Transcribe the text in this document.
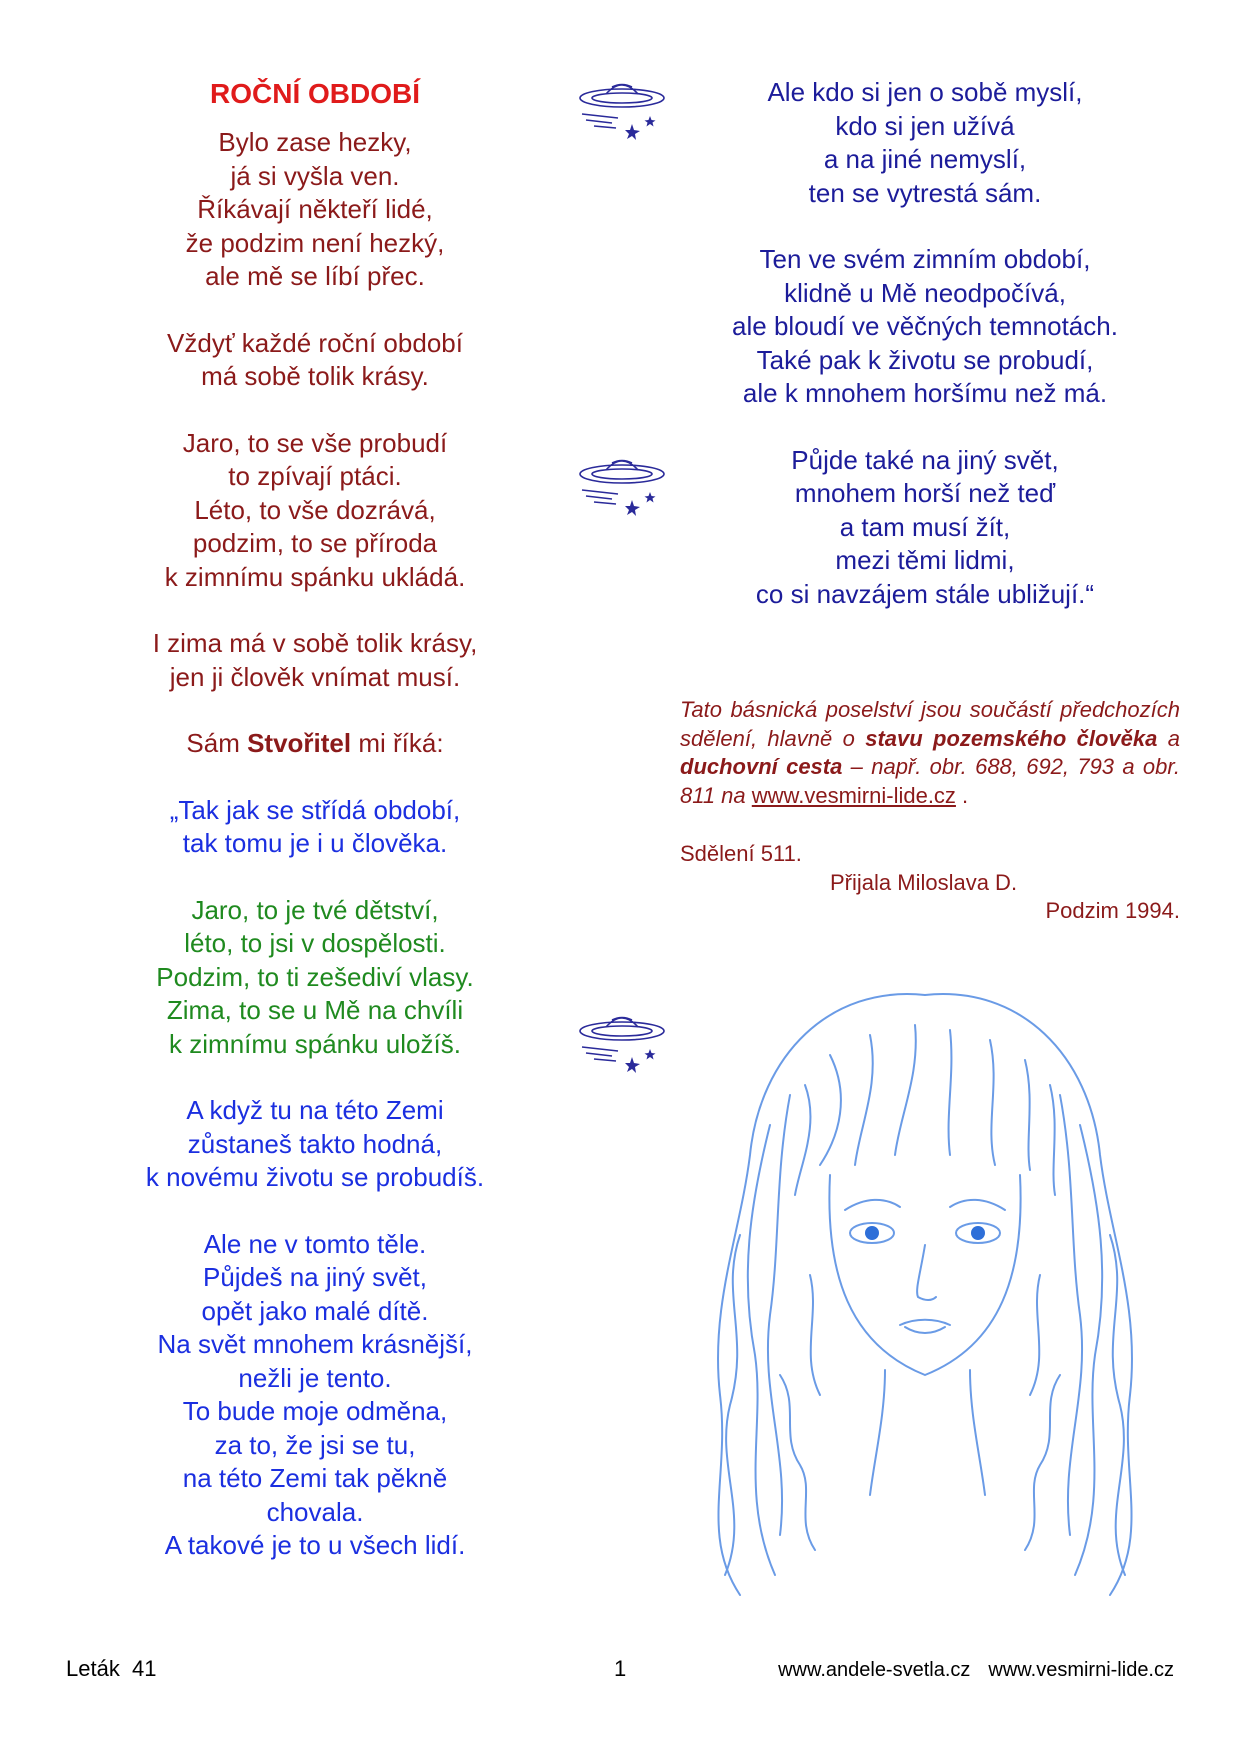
ROČNÍ OBDOBÍ
Bylo zase hezky,
já si vyšla ven.
Říkávají někteří lidé,
že podzim není hezký,
ale mě se líbí přec.
Vždyť každé roční období
má sobě tolik krásy.
Jaro, to se vše probudí
to zpívají ptáci.
Léto, to vše dozrává,
podzim, to se příroda
k zimnímu spánku ukládá.
I zima má v sobě tolik krásy,
jen ji člověk vnímat musí.
Sám Stvořitel mi říká:
„Tak jak se střídá období,
tak tomu je i u člověka.
Jaro, to je tvé dětství,
léto, to jsi v dospělosti.
Podzim, to ti zešediví vlasy.
Zima, to se u Mě na chvíli
k zimnímu spánku uložíš.
A když tu na této Zemi
zůstaneš takto hodná,
k novému životu se probudíš.
Ale ne v tomto těle.
Půjdeš na jiný svět,
opět jako malé dítě.
Na svět mnohem krásnější,
nežli je tento.
To bude moje odměna,
za to, že jsi se tu,
na této Zemi tak pěkně
chovala.
A takové je to u všech lidí.
Ale kdo si jen o sobě myslí,
kdo si jen užívá
a na jiné nemyslí,
ten se vytrestá sám.
Ten ve svém zimním období,
klidně u Mě neodpočívá,
ale bloudí ve věčných temnotách.
Také pak k životu se probudí,
ale k mnohem horšímu než má.
Půjde také na jiný svět,
mnohem horší než teď
a tam musí žít,
mezi těmi lidmi,
co si navzájem stále ubližují.“
Tato básnická poselství jsou součástí předchozích sdělení, hlavně o stavu pozemského člověka a duchovní cesta – např. obr. 688, 692, 793 a obr. 811 na www.vesmirni-lide.cz .
Sdělení 511.
Přijala Miloslava D.
Podzim 1994.
Leták  41	1	www.andele-svetla.cz www.vesmirni-lide.cz
